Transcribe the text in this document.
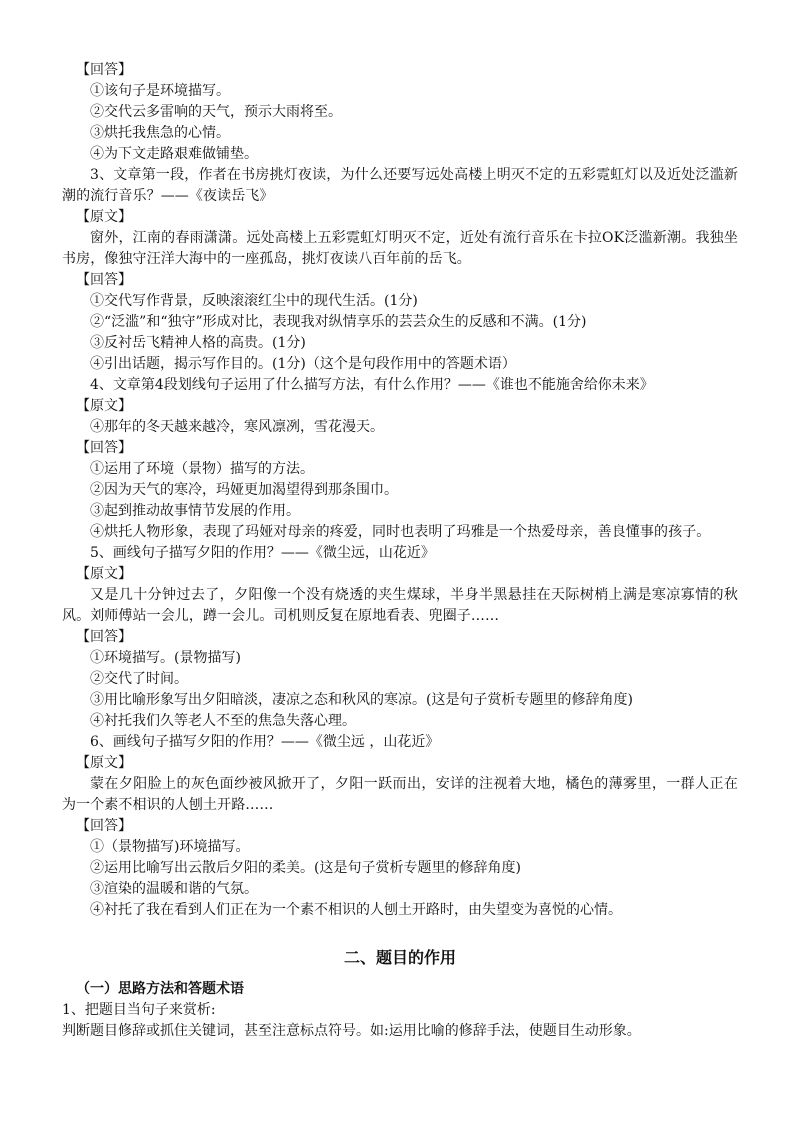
【回答】
①该句子是环境描写。
②交代云多雷响的天气，预示大雨将至。
③烘托我焦急的心情。
④为下文走路艰难做铺垫。

3、文章第一段，作者在书房挑灯夜读，为什么还要写远处高楼上明灭不定的五彩霓虹灯以及近处泛滥新潮的流行音乐？——《夜读岳飞》

【原文】

窗外，江南的春雨潇潇。远处高楼上五彩霓虹灯明灭不定，近处有流行音乐在卡拉OK泛滥新潮。我独坐书房，像独守汪洋大海中的一座孤岛，挑灯夜读八百年前的岳飞。

【回答】
①交代写作背景，反映滚滚红尘中的现代生活。(1分)
②“泛滥”和“独守”形成对比，表现我对纵情享乐的芸芸众生的反感和不满。(1分)
③反衬岳飞精神人格的高贵。(1分)
④引出话题，揭示写作目的。(1分)（这个是句段作用中的答题术语）
4、文章第4段划线句子运用了什么描写方法，有什么作用？——《谁也不能施舍给你未来》
【原文】
④那年的冬天越来越冷，寒风凛冽，雪花漫天。
【回答】
①运用了环境（景物）描写的方法。
②因为天气的寒冷，玛娅更加渴望得到那条围巾。
③起到推动故事情节发展的作用。

④烘托人物形象，表现了玛娅对母亲的疼爱，同时也表明了玛雅是一个热爱母亲，善良懂事的孩子。

5、画线句子描写夕阳的作用？——《微尘远，山花近》
【原文】

又是几十分钟过去了，夕阳像一个没有烧透的夹生煤球，半身半黑悬挂在天际树梢上满是寒凉寡情的秋风。刘师傅站一会儿，蹲一会儿。司机则反复在原地看表、兜圈子……

【回答】
①环境描写。(景物描写)
②交代了时间。
③用比喻形象写出夕阳暗淡，凄凉之态和秋风的寒凉。(这是句子赏析专题里的修辞角度)
④衬托我们久等老人不至的焦急失落心理。
6、画线句子描写夕阳的作用？——《微尘远 ，山花近》
【原文】

蒙在夕阳脸上的灰色面纱被风掀开了，夕阳一跃而出，安详的注视着大地，橘色的薄雾里，一群人正在为一个素不相识的人刨土开路……

【回答】
①（景物描写)环境描写。
②运用比喻写出云散后夕阳的柔美。(这是句子赏析专题里的修辞角度)
③渲染的温暖和谐的气氛。
④衬托了我在看到人们正在为一个素不相识的人刨土开路时，由失望变为喜悦的心情。
二、题目的作用
（一）思路方法和答题术语
1、把题目当句子来赏析:
判断题目修辞或抓住关键词，甚至注意标点符号。如:运用比喻的修辞手法，使题目生动形象。
